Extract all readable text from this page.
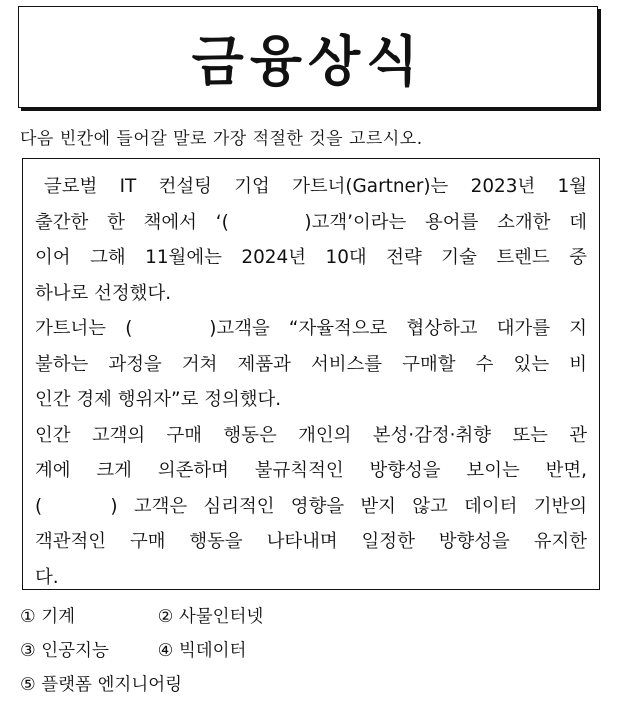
금융상식
다음 빈칸에 들어갈 말로 가장 적절한 것을 고르시오.
글로벌 IT 컨설팅 기업 가트너(Gartner)는 2023년 1월
출간한 한 책에서 ‘(　　)고객’이라는 용어를 소개한 데
이어 그해 11월에는 2024년 10대 전략 기술 트렌드 중
하나로 선정했다.
가트너는 (　　)고객을 “자율적으로 협상하고 대가를 지
불하는 과정을 거쳐 제품과 서비스를 구매할 수 있는 비
인간 경제 행위자”로 정의했다.
인간 고객의 구매 행동은 개인의 본성·감정·취향 또는 관
계에 크게 의존하며 불규칙적인 방향성을 보이는 반면,
(　　) 고객은 심리적인 영향을 받지 않고 데이터 기반의
객관적인 구매 행동을 나타내며 일정한 방향성을 유지한
다.
① 기계	② 사물인터넷
③ 인공지능	④ 빅데이터
⑤ 플랫폼 엔지니어링
